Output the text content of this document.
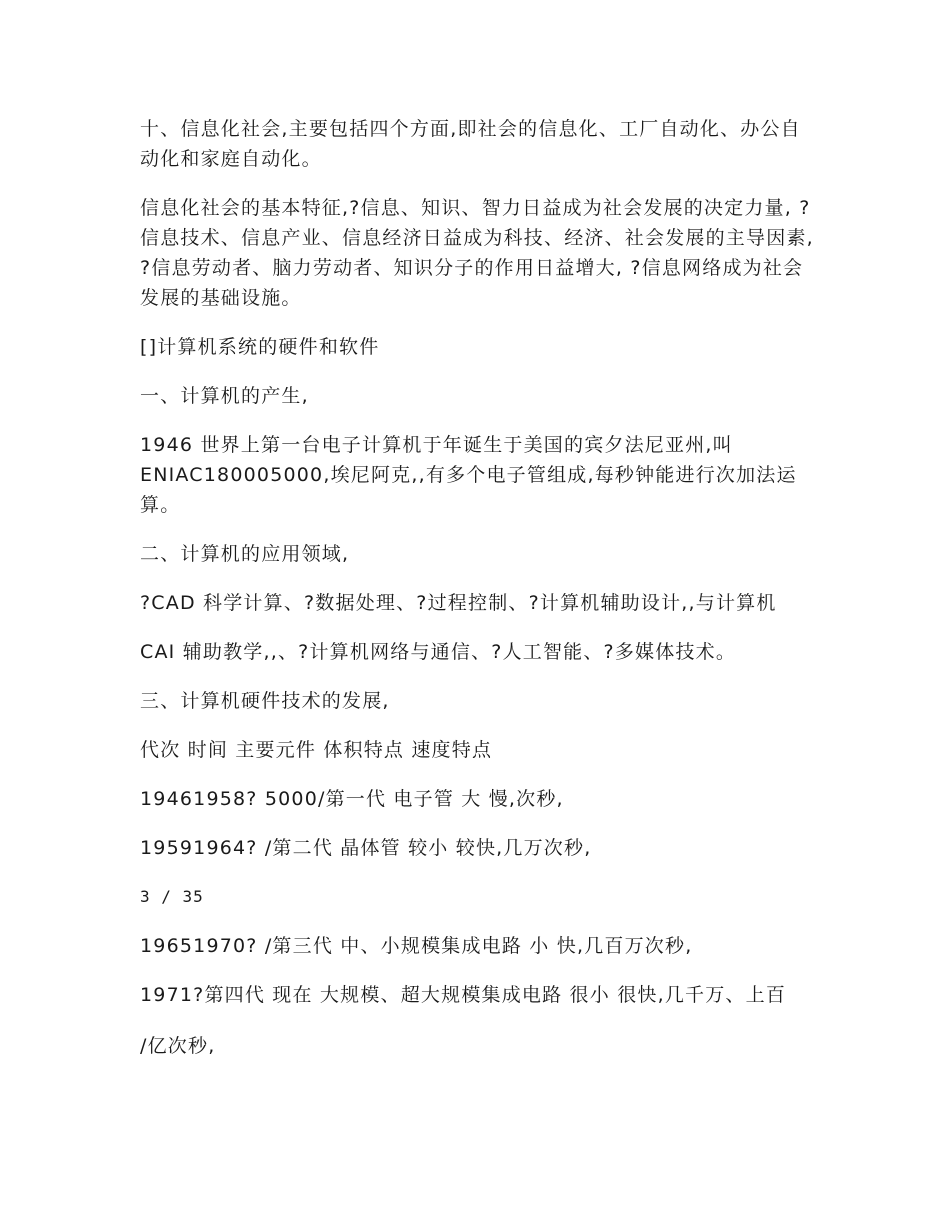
十、信息化社会,主要包括四个方面,即社会的信息化、工厂自动化、办公自动化和家庭自动化。

信息化社会的基本特征,?信息、知识、智力日益成为社会发展的决定力量, ?信息技术、信息产业、信息经济日益成为科技、经济、社会发展的主导因素, ?信息劳动者、脑力劳动者、知识分子的作用日益增大, ?信息网络成为社会发展的基础设施。

[]计算机系统的硬件和软件

一、计算机的产生,

1946 世界上第一台电子计算机于年诞生于美国的宾夕法尼亚州,叫ENIAC180005000,埃尼阿克,,有多个电子管组成,每秒钟能进行次加法运算。

二、计算机的应用领域,

?CAD 科学计算、?数据处理、?过程控制、?计算机辅助设计,,与计算机

CAI 辅助教学,,、?计算机网络与通信、?人工智能、?多媒体技术。

三、计算机硬件技术的发展,

代次 时间 主要元件 体积特点 速度特点

19461958? 5000/第一代 电子管 大 慢,次秒,

19591964? /第二代 晶体管 较小 较快,几万次秒,

3 / 35

19651970? /第三代 中、小规模集成电路 小 快,几百万次秒,

1971?第四代 现在 大规模、超大规模集成电路 很小 很快,几千万、上百

/亿次秒,
